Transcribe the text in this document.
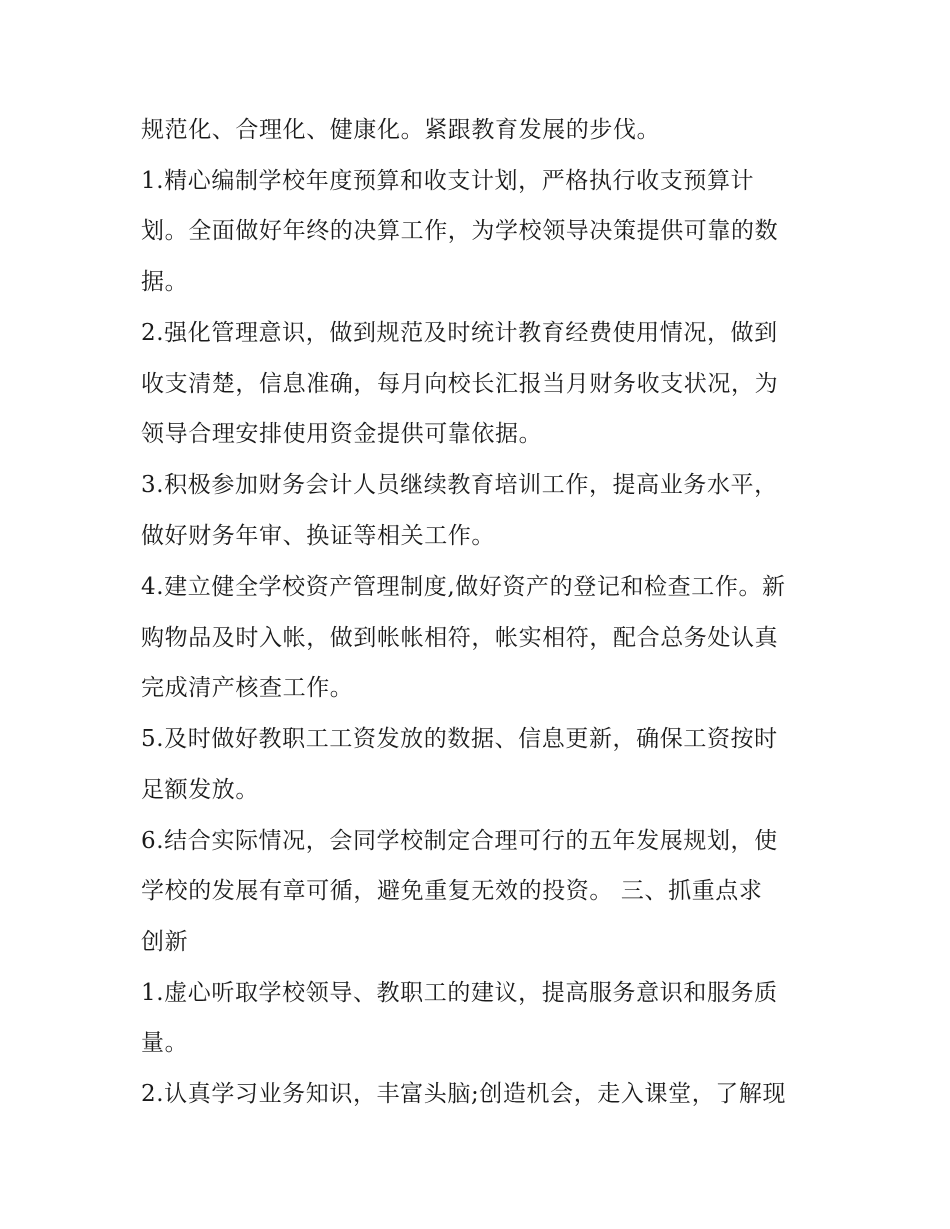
规范化、合理化、健康化。紧跟教育发展的步伐。
1.精心编制学校年度预算和收支计划，严格执行收支预算计
划。全面做好年终的决算工作，为学校领导决策提供可靠的数
据。
2.强化管理意识，做到规范及时统计教育经费使用情况，做到
收支清楚，信息准确，每月向校长汇报当月财务收支状况，为
领导合理安排使用资金提供可靠依据。
3.积极参加财务会计人员继续教育培训工作，提高业务水平，
做好财务年审、换证等相关工作。
4.建立健全学校资产管理制度,做好资产的登记和检查工作。新
购物品及时入帐，做到帐帐相符，帐实相符，配合总务处认真
完成清产核查工作。
5.及时做好教职工工资发放的数据、信息更新，确保工资按时
足额发放。
6.结合实际情况，会同学校制定合理可行的五年发展规划，使
学校的发展有章可循，避免重复无效的投资。 三、抓重点求
创新
1.虚心听取学校领导、教职工的建议，提高服务意识和服务质
量。
2.认真学习业务知识，丰富头脑;创造机会，走入课堂，了解现
